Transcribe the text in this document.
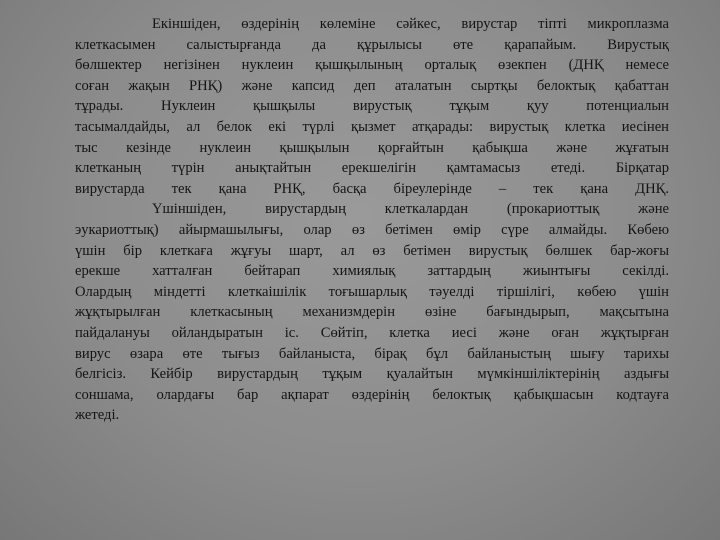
Екіншіден, өздерінің көлеміне сәйкес, вирустар тіпті микроплазма
клеткасымен салыстырғанда да құрылысы өте қарапайым. Вирустық
бөлшектер негізінен нуклеин қышқылының орталық өзекпен (ДНҚ немесе
соған жақын РНҚ) және капсид деп аталатын сыртқы белоктық қабаттан
тұрады. Нуклеин қышқылы вирустық тұқым қуу потенциалын
тасымалдайды, ал белок екі түрлі қызмет атқарады: вирустық клетка иесінен
тыс кезінде нуклеин қышқылын қорғайтын қабықша және жұғатын
клетканың түрін анықтайтын ерекшелігін қамтамасыз етеді. Бірқатар
вирустарда тек қана РНҚ, басқа біреулерінде – тек қана ДНҚ.
Үшіншіден, вирустардың клеткалардан (прокариоттық және
эукариоттық) айырмашылығы, олар өз бетімен өмір сүре алмайды. Көбею
үшін бір клеткаға жұғуы шарт, ал өз бетімен вирустық бөлшек бар-жоғы
ерекше хатталған бейтарап химиялық заттардың жиынтығы секілді.
Олардың міндетті клеткаішілік тоғышарлық тәуелді тіршілігі, көбею үшін
жұқтырылған клеткасының механизмдерін өзіне бағындырып, мақсытына
пайдалануы ойландыратын іс. Сөйтіп, клетка иесі және оған жұқтырған
вирус өзара өте тығыз байланыста, бірақ бұл байланыстың шығу тарихы
белгісіз. Кейбір вирустардың тұқым қуалайтын мүмкіншіліктерінің аздығы
соншама, олардағы бар ақпарат өздерінің белоктық қабықшасын кодтауға
жетеді.
